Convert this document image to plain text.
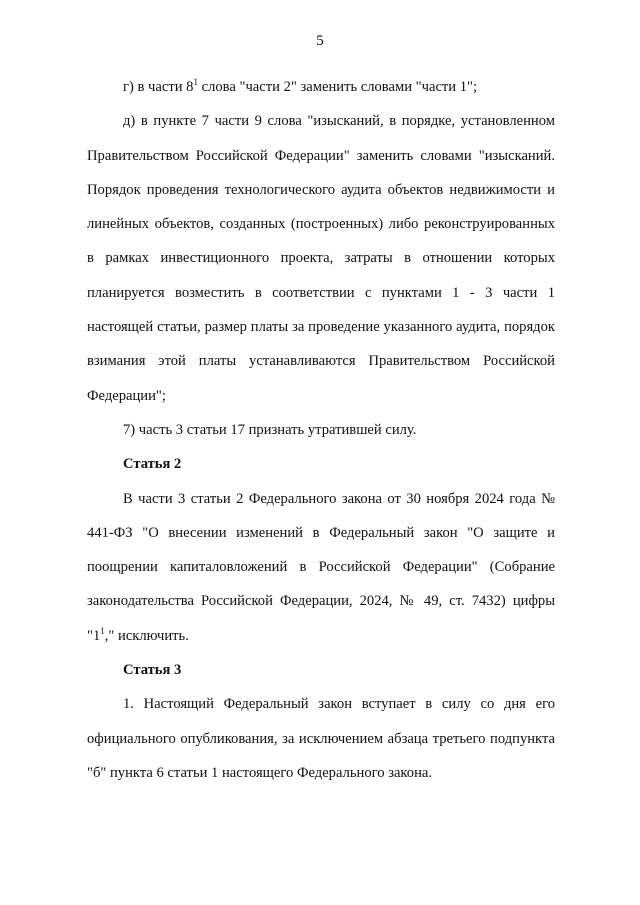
5

г) в части $8^1$ слова "части 2" заменить словами "части 1";

д) в пункте 7 части 9 слова "изысканий, в порядке, установленном Правительством Российской Федерации" заменить словами "изысканий. Порядок проведения технологического аудита объектов недвижимости и линейных объектов, созданных (построенных) либо реконструированных в рамках инвестиционного проекта, затраты в отношении которых планируется возместить в соответствии с пунктами 1 - 3 части 1 настоящей статьи, размер платы за проведение указанного аудита, порядок взимания этой платы устанавливаются Правительством Российской Федерации";

7) часть 3 статьи 17 признать утратившей силу.

Статья 2

В части 3 статьи 2 Федерального закона от 30 ноября 2024 года № 441-ФЗ "О внесении изменений в Федеральный закон "О защите и поощрении капиталовложений в Российской Федерации" (Собрание законодательства Российской Федерации, 2024, № 49, ст. 7432) цифры "$1^1$," исключить.

Статья 3

1. Настоящий Федеральный закон вступает в силу со дня его официального опубликования, за исключением абзаца третьего подпункта "б" пункта 6 статьи 1 настоящего Федерального закона.
